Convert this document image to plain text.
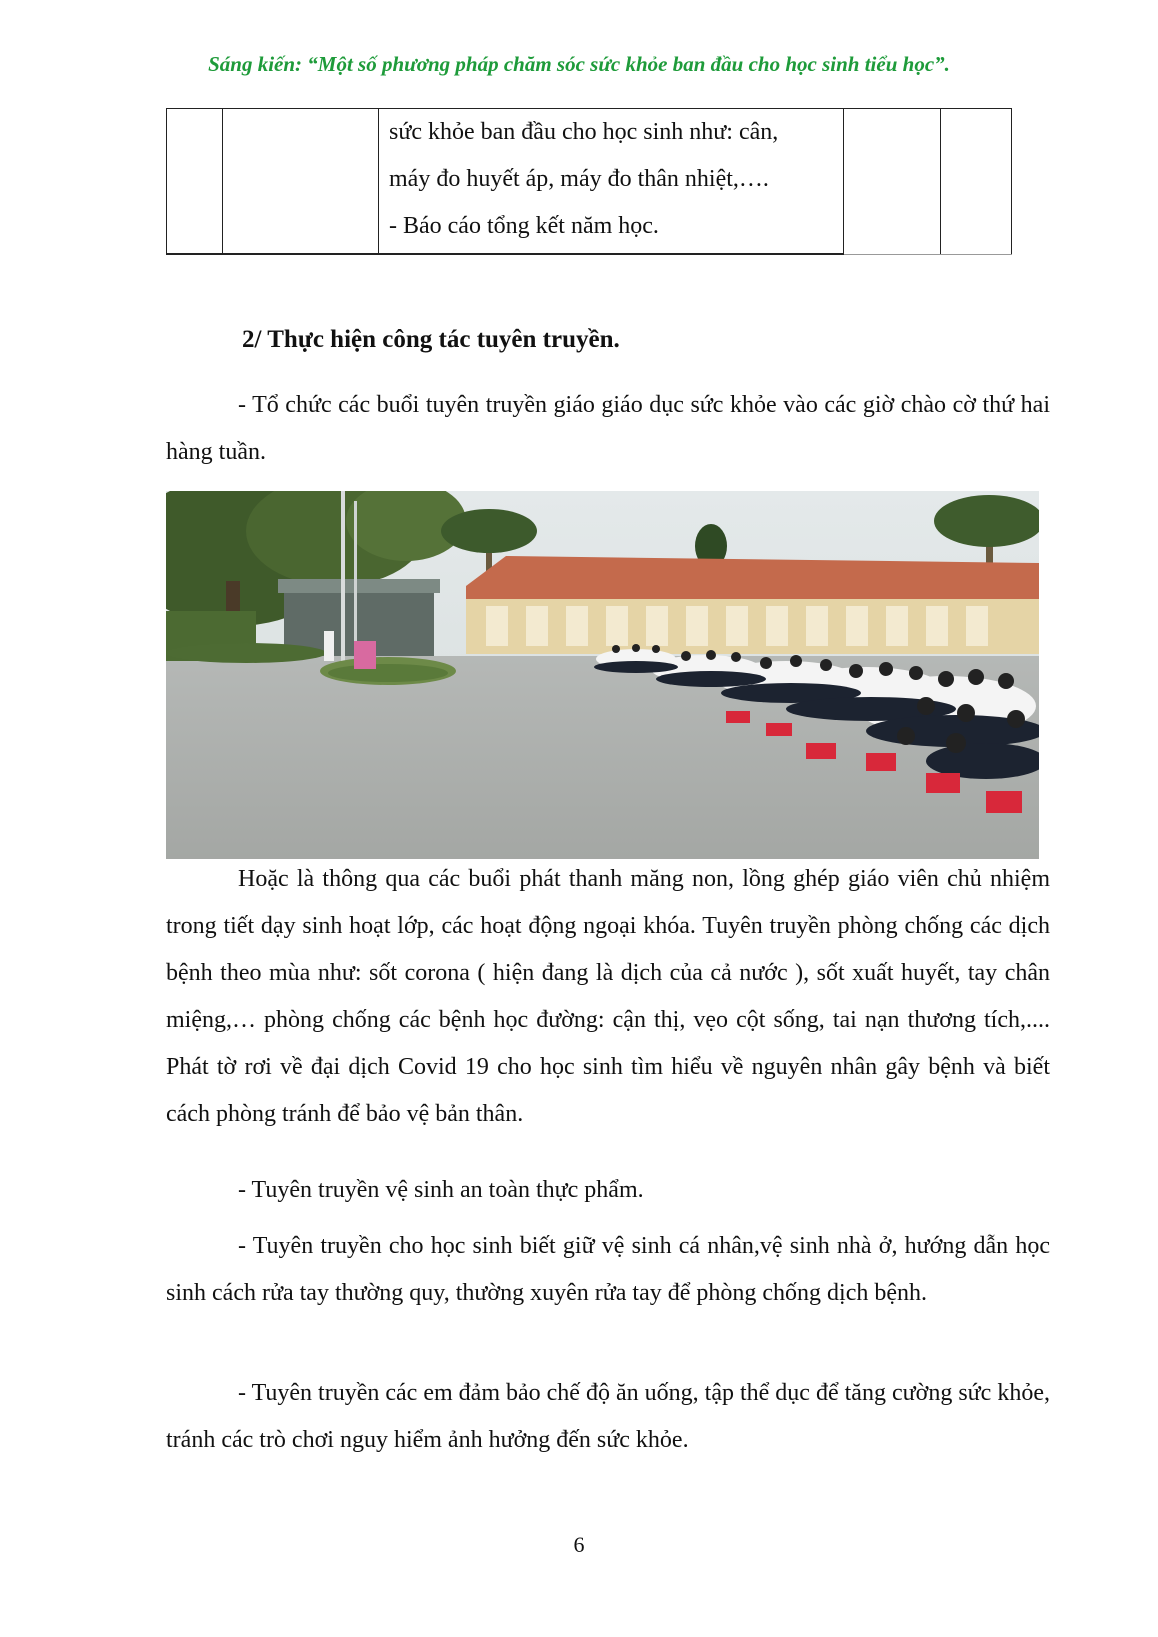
Sáng kiến: “Một số phương pháp chăm sóc sức khỏe ban đầu cho học sinh tiểu học”.

sức khỏe ban đầu cho học sinh như: cân,

máy đo huyết áp, máy đo thân nhiệt,….

- Báo cáo tổng kết năm học.

2/ Thực hiện công tác tuyên truyền.

- Tổ chức các buổi tuyên truyền giáo giáo dục sức khỏe vào các giờ chào cờ thứ hai hàng tuần.

Hoặc là thông qua các buổi phát thanh măng non, lồng ghép giáo viên chủ nhiệm trong tiết dạy sinh hoạt lớp, các hoạt động ngoại khóa. Tuyên truyền phòng chống các dịch bệnh theo mùa như: sốt corona ( hiện đang là dịch của cả nước ), sốt xuất huyết, tay chân miệng,… phòng chống các bệnh học đường: cận thị, vẹo cột sống, tai nạn thương tích,.... Phát tờ rơi về đại dịch Covid 19 cho học sinh tìm hiểu về nguyên nhân gây bệnh và biết cách phòng tránh để bảo vệ bản thân.

- Tuyên truyền vệ sinh an toàn thực phẩm.

- Tuyên truyền cho học sinh biết giữ vệ sinh cá nhân,vệ sinh nhà ở, hướng dẫn học sinh cách rửa tay thường quy, thường xuyên rửa tay để phòng chống dịch bệnh.

- Tuyên truyền các em đảm bảo chế độ ăn uống, tập thể dục để tăng cường sức khỏe, tránh các trò chơi nguy hiểm ảnh hưởng đến sức khỏe.

6
